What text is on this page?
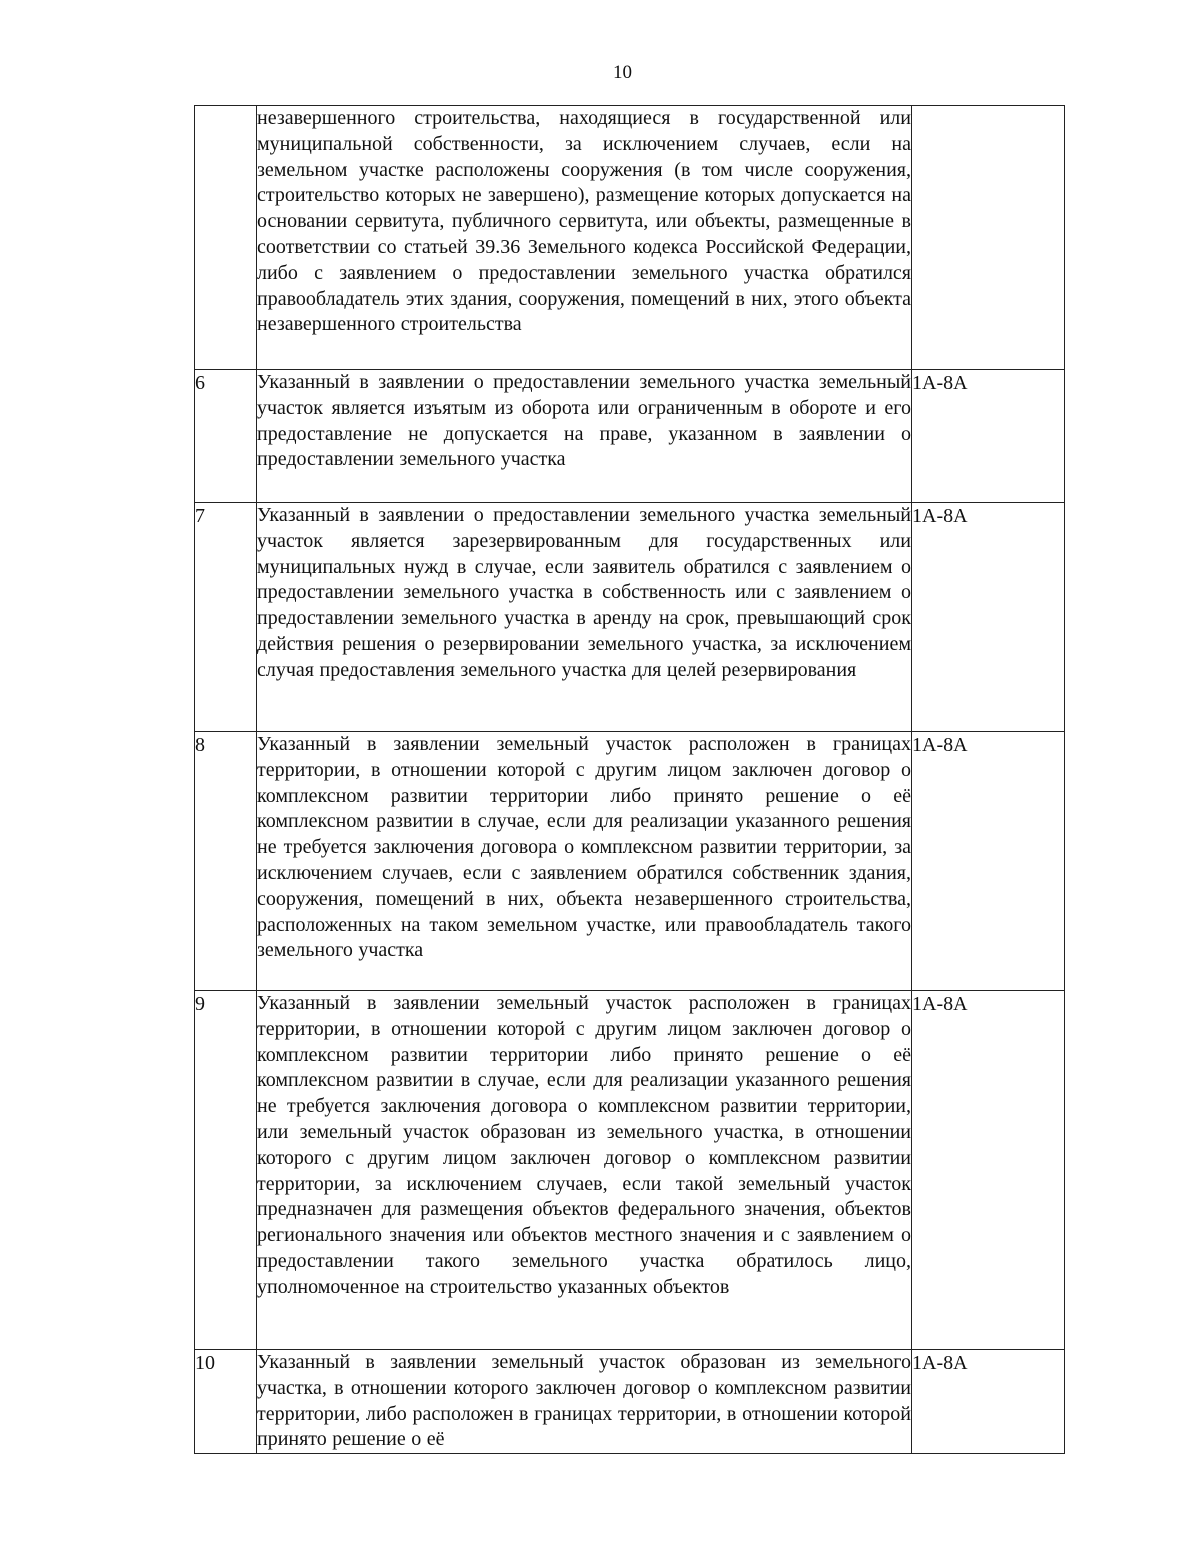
10
	незавершенного строительства, находящиеся в государственной или муниципальной собственности, за исключением случаев, если на земельном участке расположены сооружения (в том числе сооружения, строительство которых не завершено), размещение которых допускается на основании сервитута, публичного сервитута, или объекты, размещенные в соответствии со статьей 39.36 Земельного кодекса Российской Федерации, либо с заявлением о предоставлении земельного участка обратился правообладатель этих здания, сооружения, помещений в них, этого объекта незавершенного строительства	
6	Указанный в заявлении о предоставлении земельного участка земельный участок является изъятым из оборота или ограниченным в обороте и его предоставление не допускается на праве, указанном в заявлении о предоставлении земельного участка	1А-8А
7	Указанный в заявлении о предоставлении земельного участка земельный участок является зарезервированным для государственных или муниципальных нужд в случае, если заявитель обратился с заявлением о предоставлении земельного участка в собственность или с заявлением о предоставлении земельного участка в аренду на срок, превышающий срок действия решения о резервировании земельного участка, за исключением случая предоставления земельного участка для целей резервирования	1А-8А
8	Указанный в заявлении земельный участок расположен в границах территории, в отношении которой с другим лицом заключен договор о комплексном развитии территории либо принято решение о её комплексном развитии в случае, если для реализации указанного решения не требуется заключения договора о комплексном развитии территории, за исключением случаев, если с заявлением обратился собственник здания, сооружения, помещений в них, объекта незавершенного строительства, расположенных на таком земельном участке, или правообладатель такого земельного участка	1А-8А
9	Указанный в заявлении земельный участок расположен в границах территории, в отношении которой с другим лицом заключен договор о комплексном развитии территории либо принято решение о её комплексном развитии в случае, если для реализации указанного решения не требуется заключения договора о комплексном развитии территории, или земельный участок образован из земельного участка, в отношении которого с другим лицом заключен договор о комплексном развитии территории, за исключением случаев, если такой земельный участок предназначен для размещения объектов федерального значения, объектов регионального значения или объектов местного значения и с заявлением о предоставлении такого земельного участка обратилось лицо, уполномоченное на строительство указанных объектов	1А-8А
10	Указанный в заявлении земельный участок образован из земельного участка, в отношении которого заключен договор о комплексном развитии территории, либо расположен в границах территории, в отношении которой принято решение о её	1А-8А
